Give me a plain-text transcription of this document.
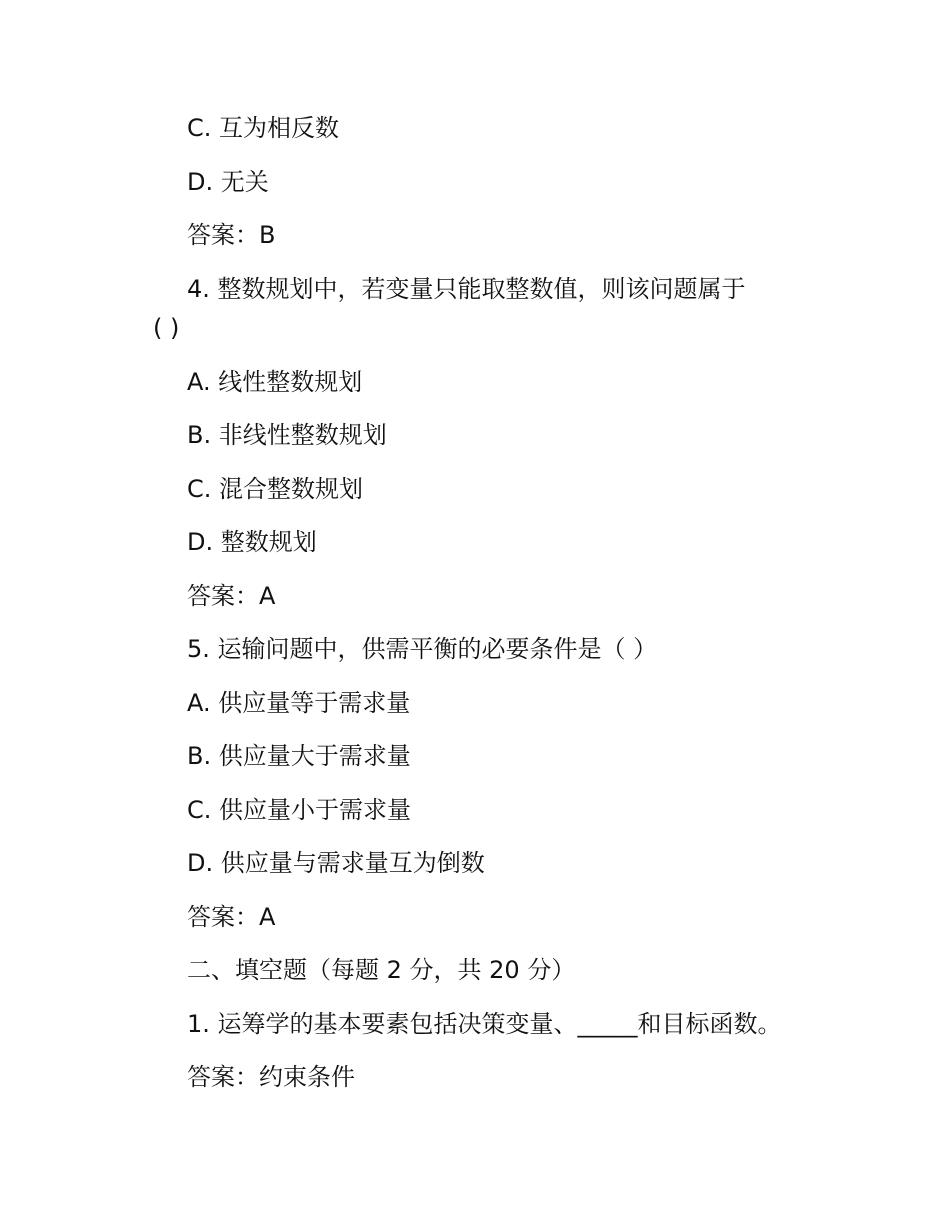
C. 互为相反数
D. 无关
答案：B
4. 整数规划中，若变量只能取整数值，则该问题属于
( )
A. 线性整数规划
B. 非线性整数规划
C. 混合整数规划
D. 整数规划
答案：A
5. 运输问题中，供需平衡的必要条件是（ ）
A. 供应量等于需求量
B. 供应量大于需求量
C. 供应量小于需求量
D. 供应量与需求量互为倒数
答案：A
二、填空题（每题 2 分，共 20 分）
1. 运筹学的基本要素包括决策变量、_____和目标函数。
答案：约束条件
